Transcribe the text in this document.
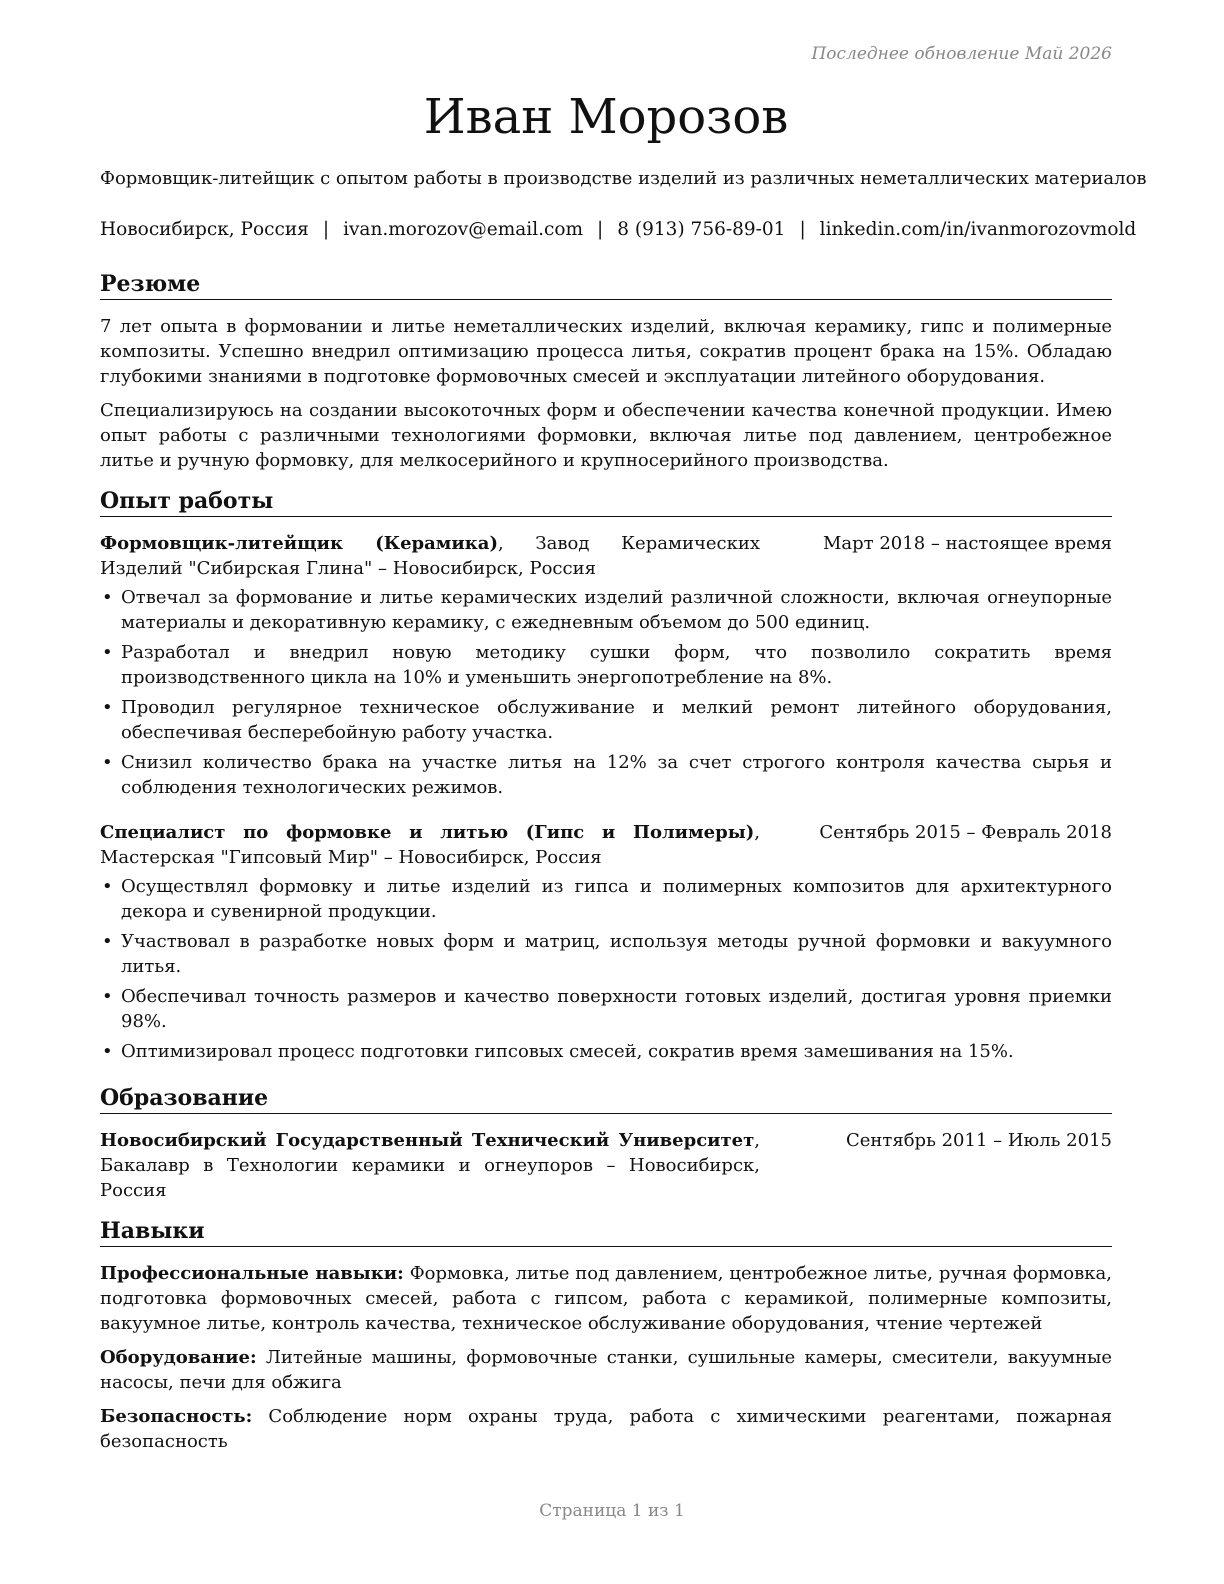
Последнее обновление Май 2026
Иван Морозов
Формовщик-литейщик с опытом работы в производстве изделий из различных неметаллических материалов
Новосибирск, Россия | ivan.morozov@email.com | 8 (913) 756-89-01 | linkedin.com/in/ivanmorozovmold
Резюме

7 лет опыта в формовании и литье неметаллических изделий, включая керамику, гипс и полимерные композиты. Успешно внедрил оптимизацию процесса литья, сократив процент брака на 15%. Обладаю глубокими знаниями в подготовке формовочных смесей и эксплуатации литейного оборудования.

Специализируюсь на создании высокоточных форм и обеспечении качества конечной продукции. Имею опыт работы с различными технологиями формовки, включая литье под давлением, центробежное литье и ручную формовку, для мелкосерийного и крупносерийного производства.

Опыт работы
Формовщик-литейщик (Керамика), Завод Керамических Изделий "Сибирская Глина" – Новосибирск, Россия
Март 2018 – настоящее время
• Отвечал за формование и литье керамических изделий различной сложности, включая огнеупорные материалы и декоративную керамику, с ежедневным объемом до 500 единиц.
• Разработал и внедрил новую методику сушки форм, что позволило сократить время производственного цикла на 10% и уменьшить энергопотребление на 8%.
• Проводил регулярное техническое обслуживание и мелкий ремонт литейного оборудования, обеспечивая бесперебойную работу участка.
• Снизил количество брака на участке литья на 12% за счет строгого контроля качества сырья и соблюдения технологических режимов.
Специалист по формовке и литью (Гипс и Полимеры), Мастерская "Гипсовый Мир" – Новосибирск, Россия
Сентябрь 2015 – Февраль 2018
• Осуществлял формовку и литье изделий из гипса и полимерных композитов для архитектурного декора и сувенирной продукции.
• Участвовал в разработке новых форм и матриц, используя методы ручной формовки и вакуумного литья.
• Обеспечивал точность размеров и качество поверхности готовых изделий, достигая уровня приемки 98%.
• Оптимизировал процесс подготовки гипсовых смесей, сократив время замешивания на 15%.
Образование
Новосибирский Государственный Технический Университет, Бакалавр в Технологии керамики и огнеупоров – Новосибирск, Россия
Сентябрь 2011 – Июль 2015
Навыки
Профессиональные навыки: Формовка, литье под давлением, центробежное литье, ручная формовка, подготовка формовочных смесей, работа с гипсом, работа с керамикой, полимерные композиты, вакуумное литье, контроль качества, техническое обслуживание оборудования, чтение чертежей
Оборудование: Литейные машины, формовочные станки, сушильные камеры, смесители, вакуумные насосы, печи для обжига
Безопасность: Соблюдение норм охраны труда, работа с химическими реагентами, пожарная безопасность
Страница 1 из 1
